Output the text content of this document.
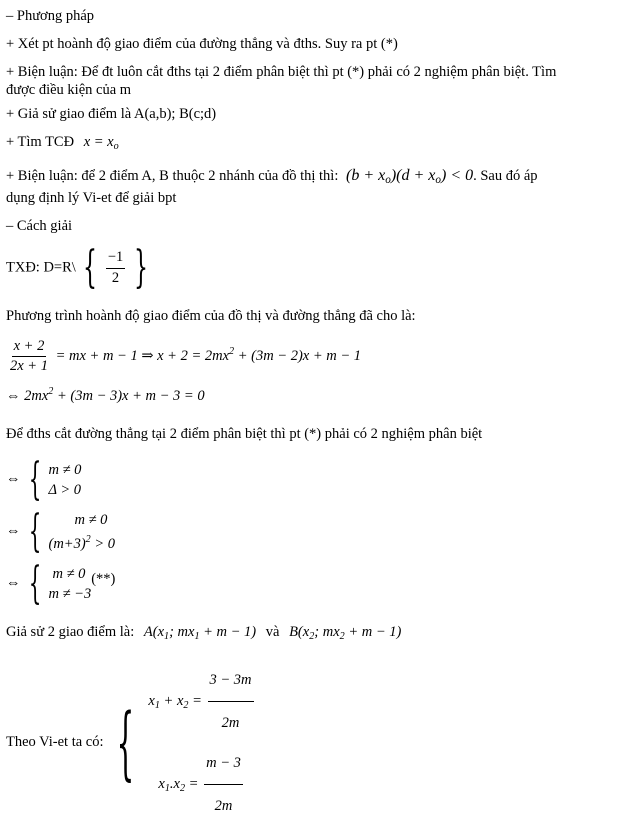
– Phương pháp
+ Xét pt hoành độ giao điểm của đường thẳng và đths. Suy ra pt (*)
+ Biện luận: Để đt luôn cắt đths tại 2 điểm phân biệt thì pt (*) phải có 2 nghiệm phân biệt. Tìm
được điều kiện của m
+ Giả sử giao điểm là A(a,b); B(c;d)
+ Tìm TCĐ $x = x_o$
+ Biện luận: để 2 điểm A, B thuộc 2 nhánh của đồ thị thì: $(b + x_o)(d + x_o) < 0$. Sau đó áp
dụng định lý Vi-et để giải bpt
– Cách giải
TXĐ: D=R\ { $\frac{-1}{2}$ }
Phương trình hoành độ giao điểm của đồ thị và đường thẳng đã cho là:
$\frac{x + 2}{2x + 1}$ = mx + m − 1 ⇒ $x + 2 = 2mx^2 + (3m - 2)x + m - 1$
⇔ $2mx^2 + (3m - 3)x + m - 3 = 0$
Để đths cắt đường thẳng tại 2 điểm phân biệt thì pt (*) phải có 2 nghiệm phân biệt
⇔ { m ≠ 0
Δ > 0
⇔ {	m ≠ 0
$(m+3)^2 > 0$
⇔ { m ≠ 0
m ≠ −3
(**)
Giả sử 2 giao điểm là: $A(x_1$; $mx_1 + m - 1$) và $B(x_2$; $mx_2 + m - 1$)
Theo Vi-et ta có: { $x_1 + x_2 = \frac{3 - 3m}{2m}$
$x_1.x_2 = \frac{m - 3}{2m}$
